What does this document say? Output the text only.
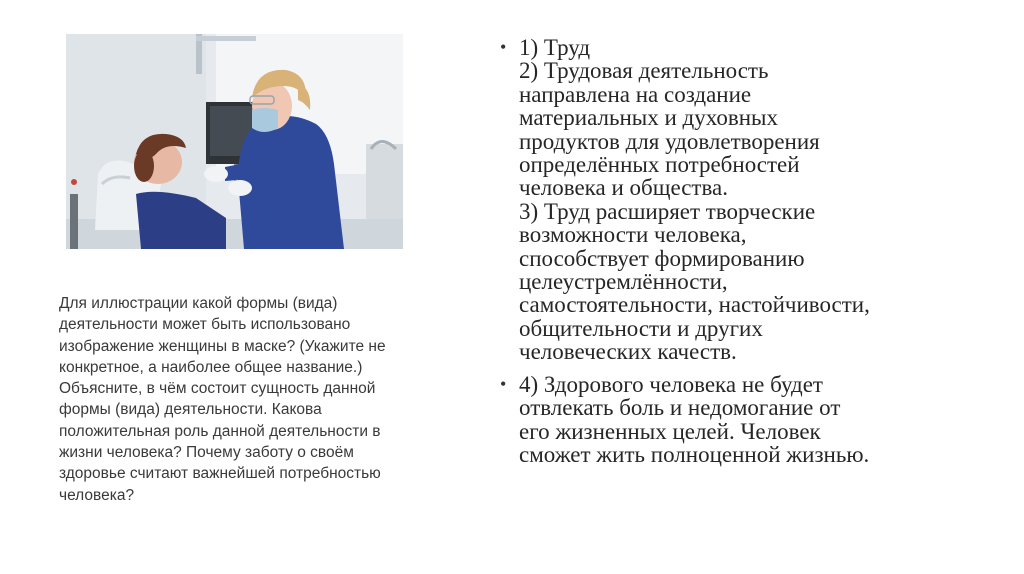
Для иллюстрации какой формы (вида)
деятельности может быть использовано
изображение женщины в маске? (Укажите не
конкретное, а наиболее общее название.)
Объясните, в чём состоит сущность данной
формы (вида) деятельности. Какова
положительная роль данной деятельности в
жизни человека? Почему заботу о своём
здоровье считают важнейшей потребностью
человека?

• 1) Труд
2) Трудовая деятельность
направлена на создание
материальных и духовных
продуктов для удовлетворения
определённых потребностей
человека и общества.
3) Труд расширяет творческие
возможности человека,
способствует формированию
целеустремлённости,
самостоятельности, настойчивости,
общительности и других
человеческих качеств.
• 4) Здорового человека не будет
отвлекать боль и недомогание от
его жизненных целей. Человек
сможет жить полноценной жизнью.
